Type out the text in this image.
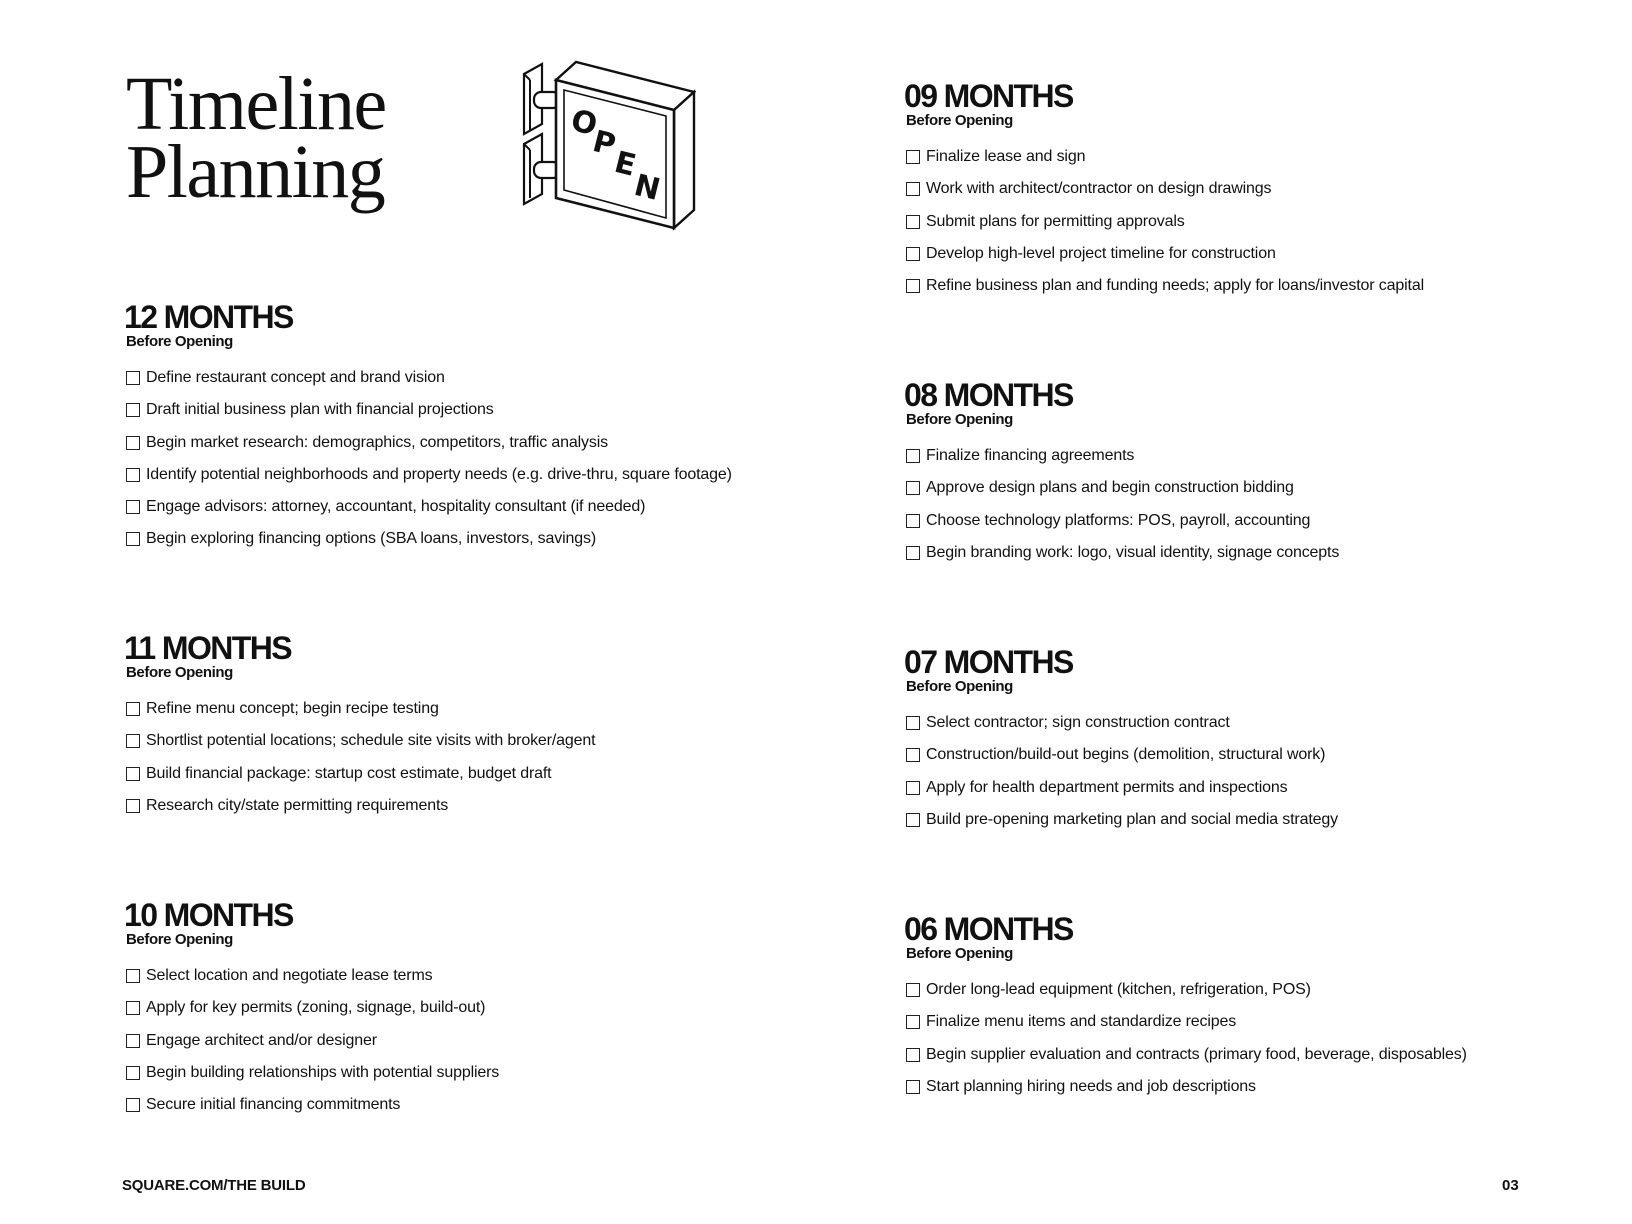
Timeline
Planning
O
P
E
N
12 MONTHS
Before Opening
Define restaurant concept and brand vision
Draft initial business plan with financial projections
Begin market research: demographics, competitors, traffic analysis
Identify potential neighborhoods and property needs (e.g. drive-thru, square footage)
Engage advisors: attorney, accountant, hospitality consultant (if needed)
Begin exploring financing options (SBA loans, investors, savings)
11 MONTHS
Before Opening
Refine menu concept; begin recipe testing
Shortlist potential locations; schedule site visits with broker/agent
Build financial package: startup cost estimate, budget draft
Research city/state permitting requirements
10 MONTHS
Before Opening
Select location and negotiate lease terms
Apply for key permits (zoning, signage, build-out)
Engage architect and/or designer
Begin building relationships with potential suppliers
Secure initial financing commitments
09 MONTHS
Before Opening
Finalize lease and sign
Work with architect/contractor on design drawings
Submit plans for permitting approvals
Develop high-level project timeline for construction
Refine business plan and funding needs; apply for loans/investor capital
08 MONTHS
Before Opening
Finalize financing agreements
Approve design plans and begin construction bidding
Choose technology platforms: POS, payroll, accounting
Begin branding work: logo, visual identity, signage concepts
07 MONTHS
Before Opening
Select contractor; sign construction contract
Construction/build-out begins (demolition, structural work)
Apply for health department permits and inspections
Build pre-opening marketing plan and social media strategy
06 MONTHS
Before Opening
Order long-lead equipment (kitchen, refrigeration, POS)
Finalize menu items and standardize recipes
Begin supplier evaluation and contracts (primary food, beverage, disposables)
Start planning hiring needs and job descriptions
SQUARE.COM/THE BUILD	03
